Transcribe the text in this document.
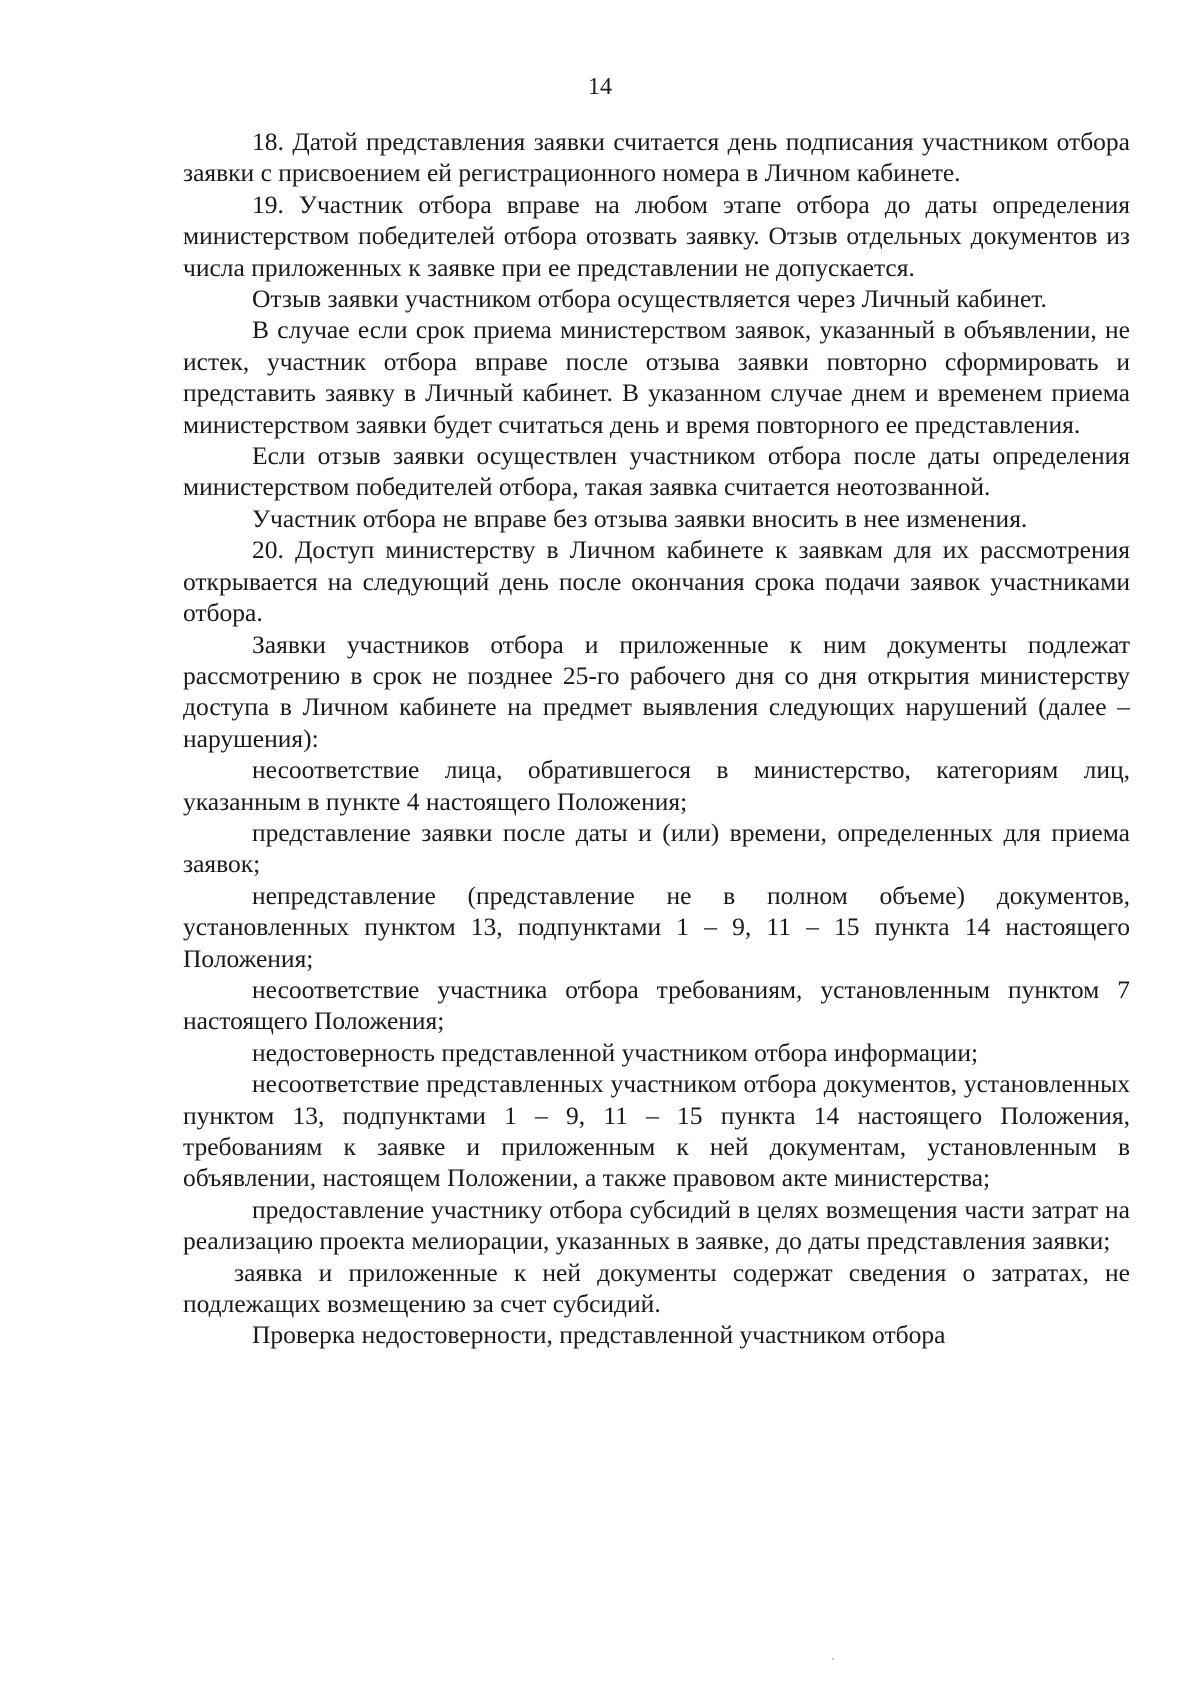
14

18. Датой представления заявки считается день подписания участником отбора заявки с присвоением ей регистрационного номера в Личном кабинете.

19. Участник отбора вправе на любом этапе отбора до даты определения министерством победителей отбора отозвать заявку. Отзыв отдельных документов из числа приложенных к заявке при ее представлении не допускается.

Отзыв заявки участником отбора осуществляется через Личный кабинет.

В случае если срок приема министерством заявок, указанный в объявлении, не истек, участник отбора вправе после отзыва заявки повторно сформировать и представить заявку в Личный кабинет. В указанном случае днем и временем приема министерством заявки будет считаться день и время повторного ее представления.

Если отзыв заявки осуществлен участником отбора после даты определения министерством победителей отбора, такая заявка считается неотозванной.

Участник отбора не вправе без отзыва заявки вносить в нее изменения.

20. Доступ министерству в Личном кабинете к заявкам для их рассмотрения открывается на следующий день после окончания срока подачи заявок участниками отбора.

Заявки участников отбора и приложенные к ним документы подлежат рассмотрению в срок не позднее 25-го рабочего дня со дня открытия министерству доступа в Личном кабинете на предмет выявления следующих нарушений (далее – нарушения):

несоответствие лица, обратившегося в министерство, категориям лиц, указанным в пункте 4 настоящего Положения;

представление заявки после даты и (или) времени, определенных для приема заявок;

непредставление (представление не в полном объеме) документов, установленных пунктом 13, подпунктами 1 – 9, 11 – 15 пункта 14 настоящего Положения;

несоответствие участника отбора требованиям, установленным пунктом 7 настоящего Положения;

недостоверность представленной участником отбора информации;

несоответствие представленных участником отбора документов, установленных пунктом 13, подпунктами 1 – 9, 11 – 15 пункта 14 настоящего Положения, требованиям к заявке и приложенным к ней документам, установленным в объявлении, настоящем Положении, а также правовом акте министерства;

предоставление участнику отбора субсидий в целях возмещения части затрат на реализацию проекта мелиорации, указанных в заявке, до даты представления заявки;

заявка и приложенные к ней документы содержат сведения о затратах, не подлежащих возмещению за счет субсидий.

Проверка недостоверности, представленной участником отбора
